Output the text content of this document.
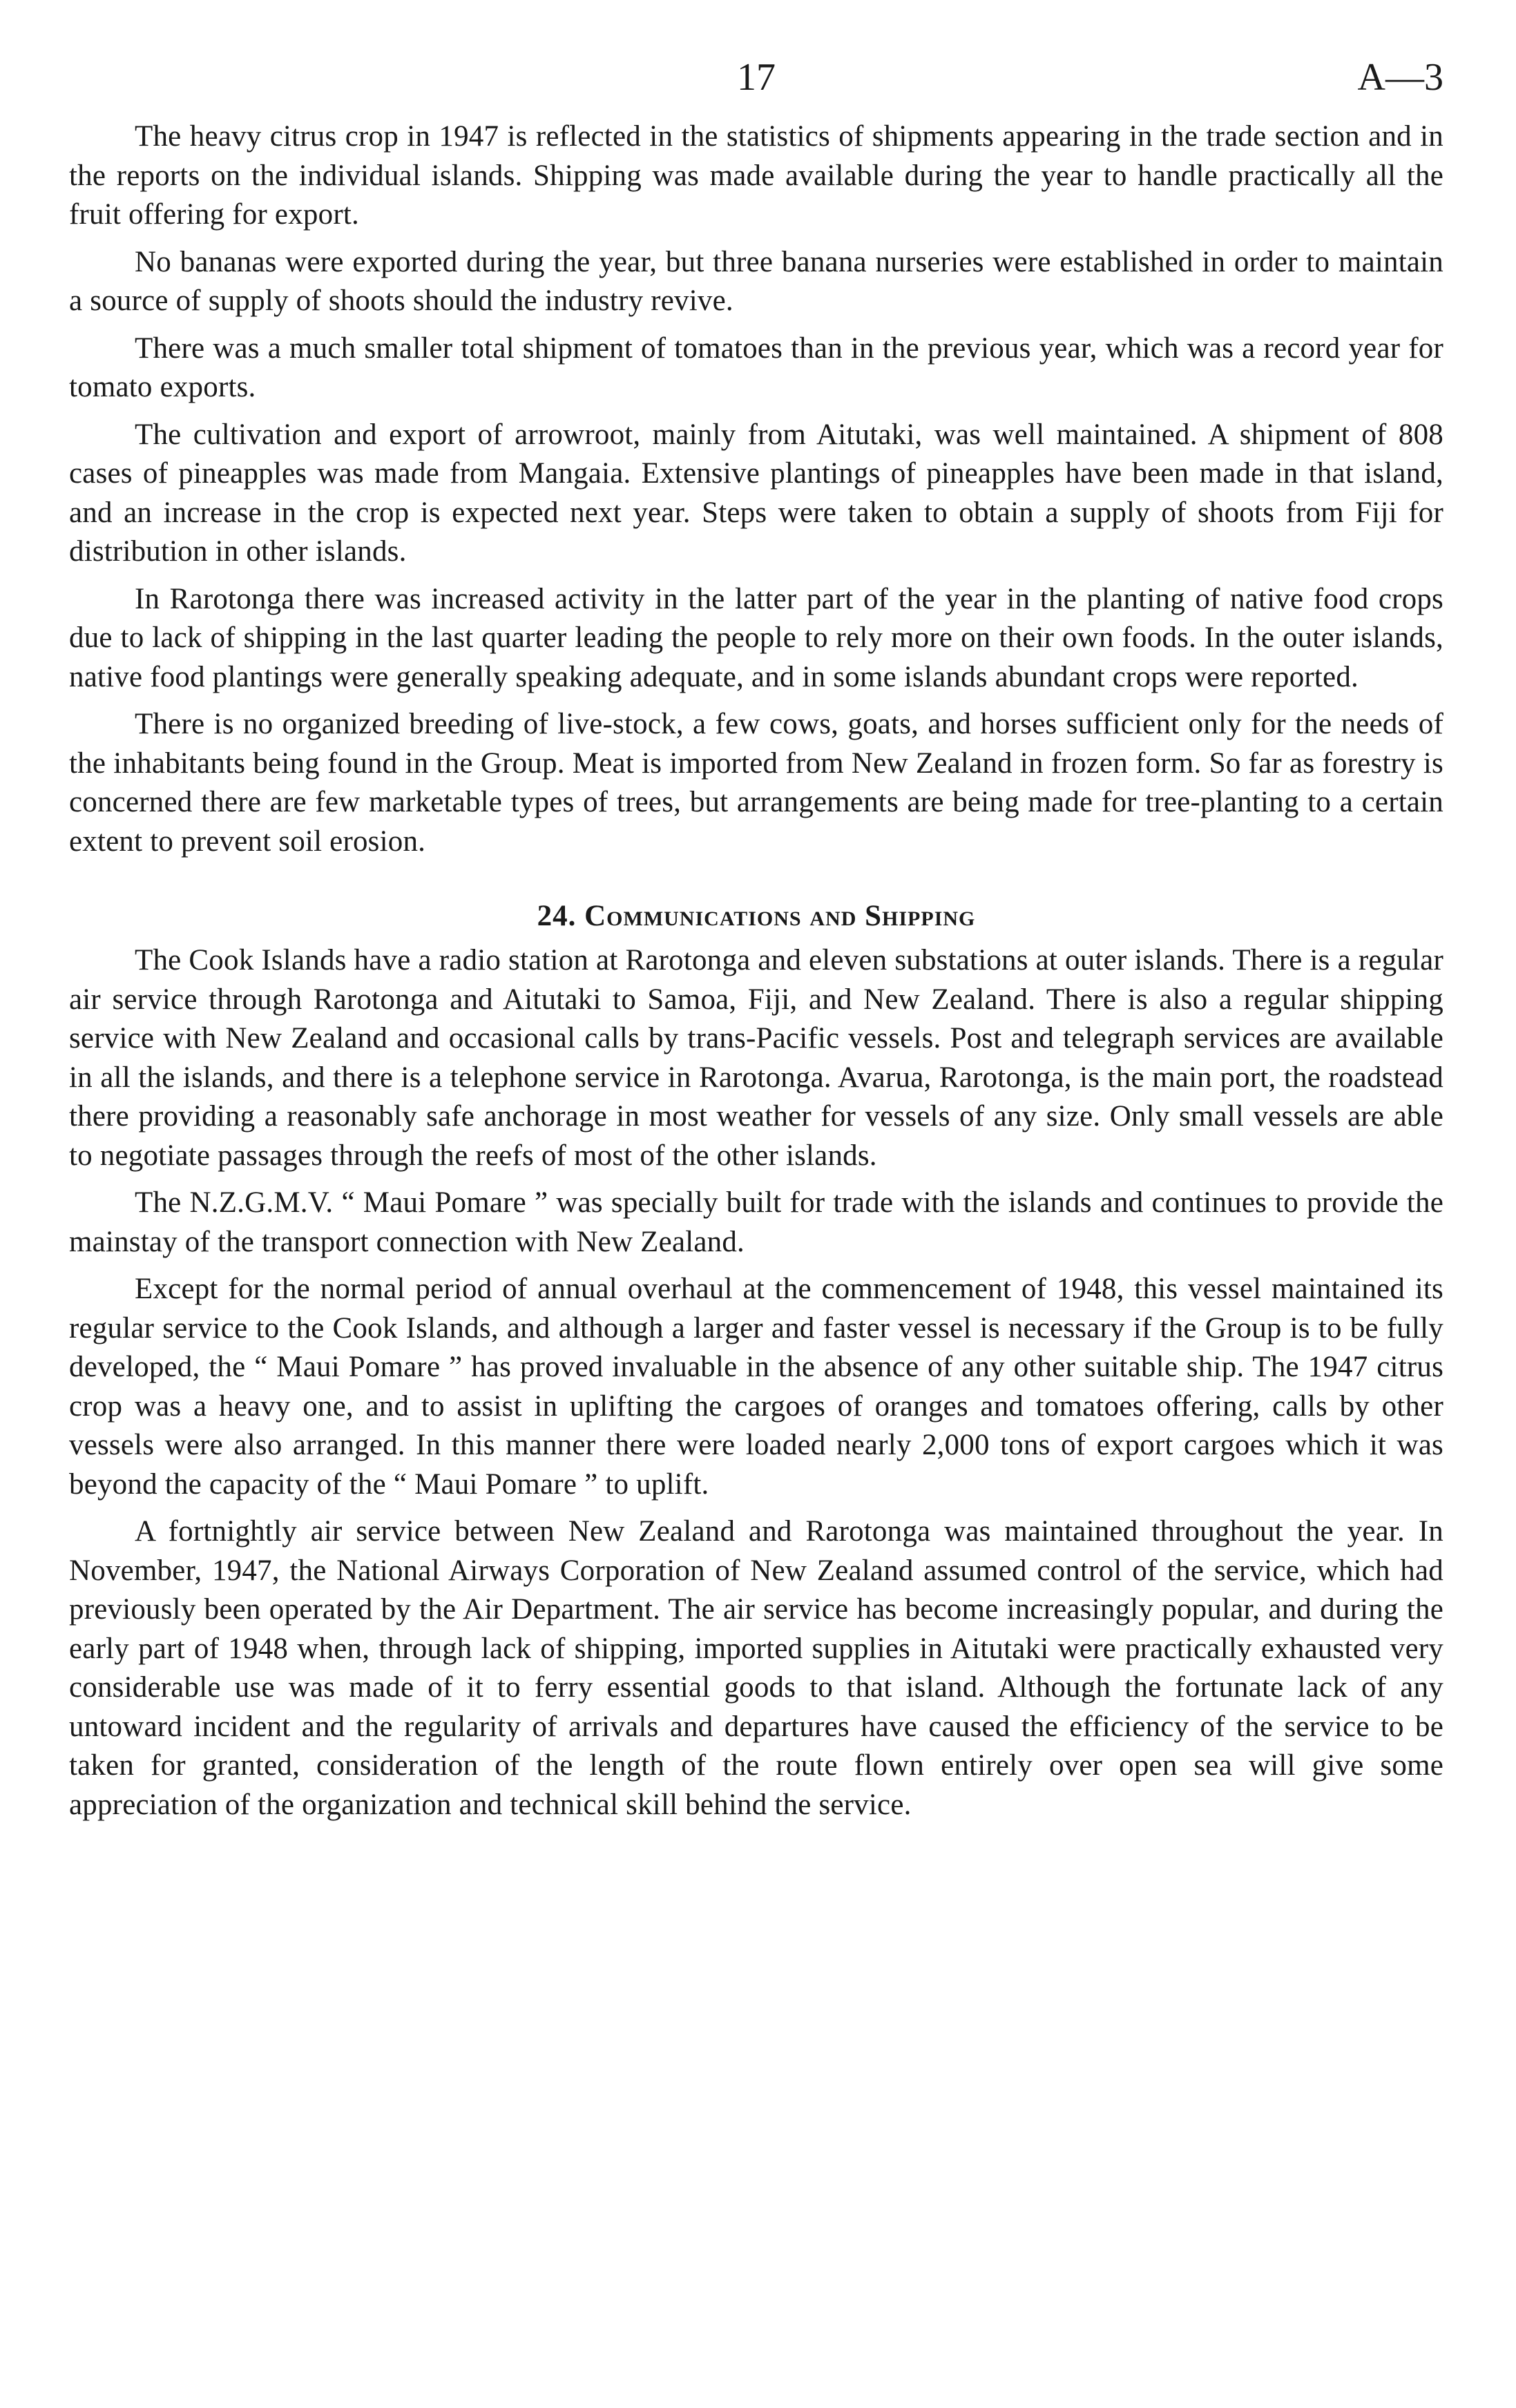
17	A—3

The heavy citrus crop in 1947 is reflected in the statistics of shipments appearing in the trade section and in the reports on the individual islands. Shipping was made available during the year to handle practically all the fruit offering for export.

No bananas were exported during the year, but three banana nurseries were established in order to maintain a source of supply of shoots should the industry revive.

There was a much smaller total shipment of tomatoes than in the previous year, which was a record year for tomato exports.

The cultivation and export of arrowroot, mainly from Aitutaki, was well maintained. A shipment of 808 cases of pineapples was made from Mangaia. Extensive plantings of pineapples have been made in that island, and an increase in the crop is expected next year. Steps were taken to obtain a supply of shoots from Fiji for distribution in other islands.

In Rarotonga there was increased activity in the latter part of the year in the planting of native food crops due to lack of shipping in the last quarter leading the people to rely more on their own foods. In the outer islands, native food plantings were generally speaking adequate, and in some islands abundant crops were reported.

There is no organized breeding of live-stock, a few cows, goats, and horses sufficient only for the needs of the inhabitants being found in the Group. Meat is imported from New Zealand in frozen form. So far as forestry is concerned there are few marketable types of trees, but arrangements are being made for tree-planting to a certain extent to prevent soil erosion.

24. Communications and Shipping

The Cook Islands have a radio station at Rarotonga and eleven substations at outer islands. There is a regular air service through Rarotonga and Aitutaki to Samoa, Fiji, and New Zealand. There is also a regular shipping service with New Zealand and occasional calls by trans-Pacific vessels. Post and telegraph services are available in all the islands, and there is a telephone service in Rarotonga. Avarua, Rarotonga, is the main port, the roadstead there providing a reasonably safe anchorage in most weather for vessels of any size. Only small vessels are able to negotiate passages through the reefs of most of the other islands.

The N.Z.G.M.V. “ Maui Pomare ” was specially built for trade with the islands and continues to provide the mainstay of the transport connection with New Zealand.

Except for the normal period of annual overhaul at the commencement of 1948, this vessel maintained its regular service to the Cook Islands, and although a larger and faster vessel is necessary if the Group is to be fully developed, the “ Maui Pomare ” has proved invaluable in the absence of any other suitable ship. The 1947 citrus crop was a heavy one, and to assist in uplifting the cargoes of oranges and tomatoes offering, calls by other vessels were also arranged. In this manner there were loaded nearly 2,000 tons of export cargoes which it was beyond the capacity of the “ Maui Pomare ” to uplift.

A fortnightly air service between New Zealand and Rarotonga was maintained throughout the year. In November, 1947, the National Airways Corporation of New Zealand assumed control of the service, which had previously been operated by the Air Department. The air service has become increasingly popular, and during the early part of 1948 when, through lack of shipping, imported supplies in Aitutaki were practically exhausted very considerable use was made of it to ferry essential goods to that island. Although the fortunate lack of any untoward incident and the regularity of arrivals and departures have caused the efficiency of the service to be taken for granted, consideration of the length of the route flown entirely over open sea will give some appreciation of the organization and technical skill behind the service.
